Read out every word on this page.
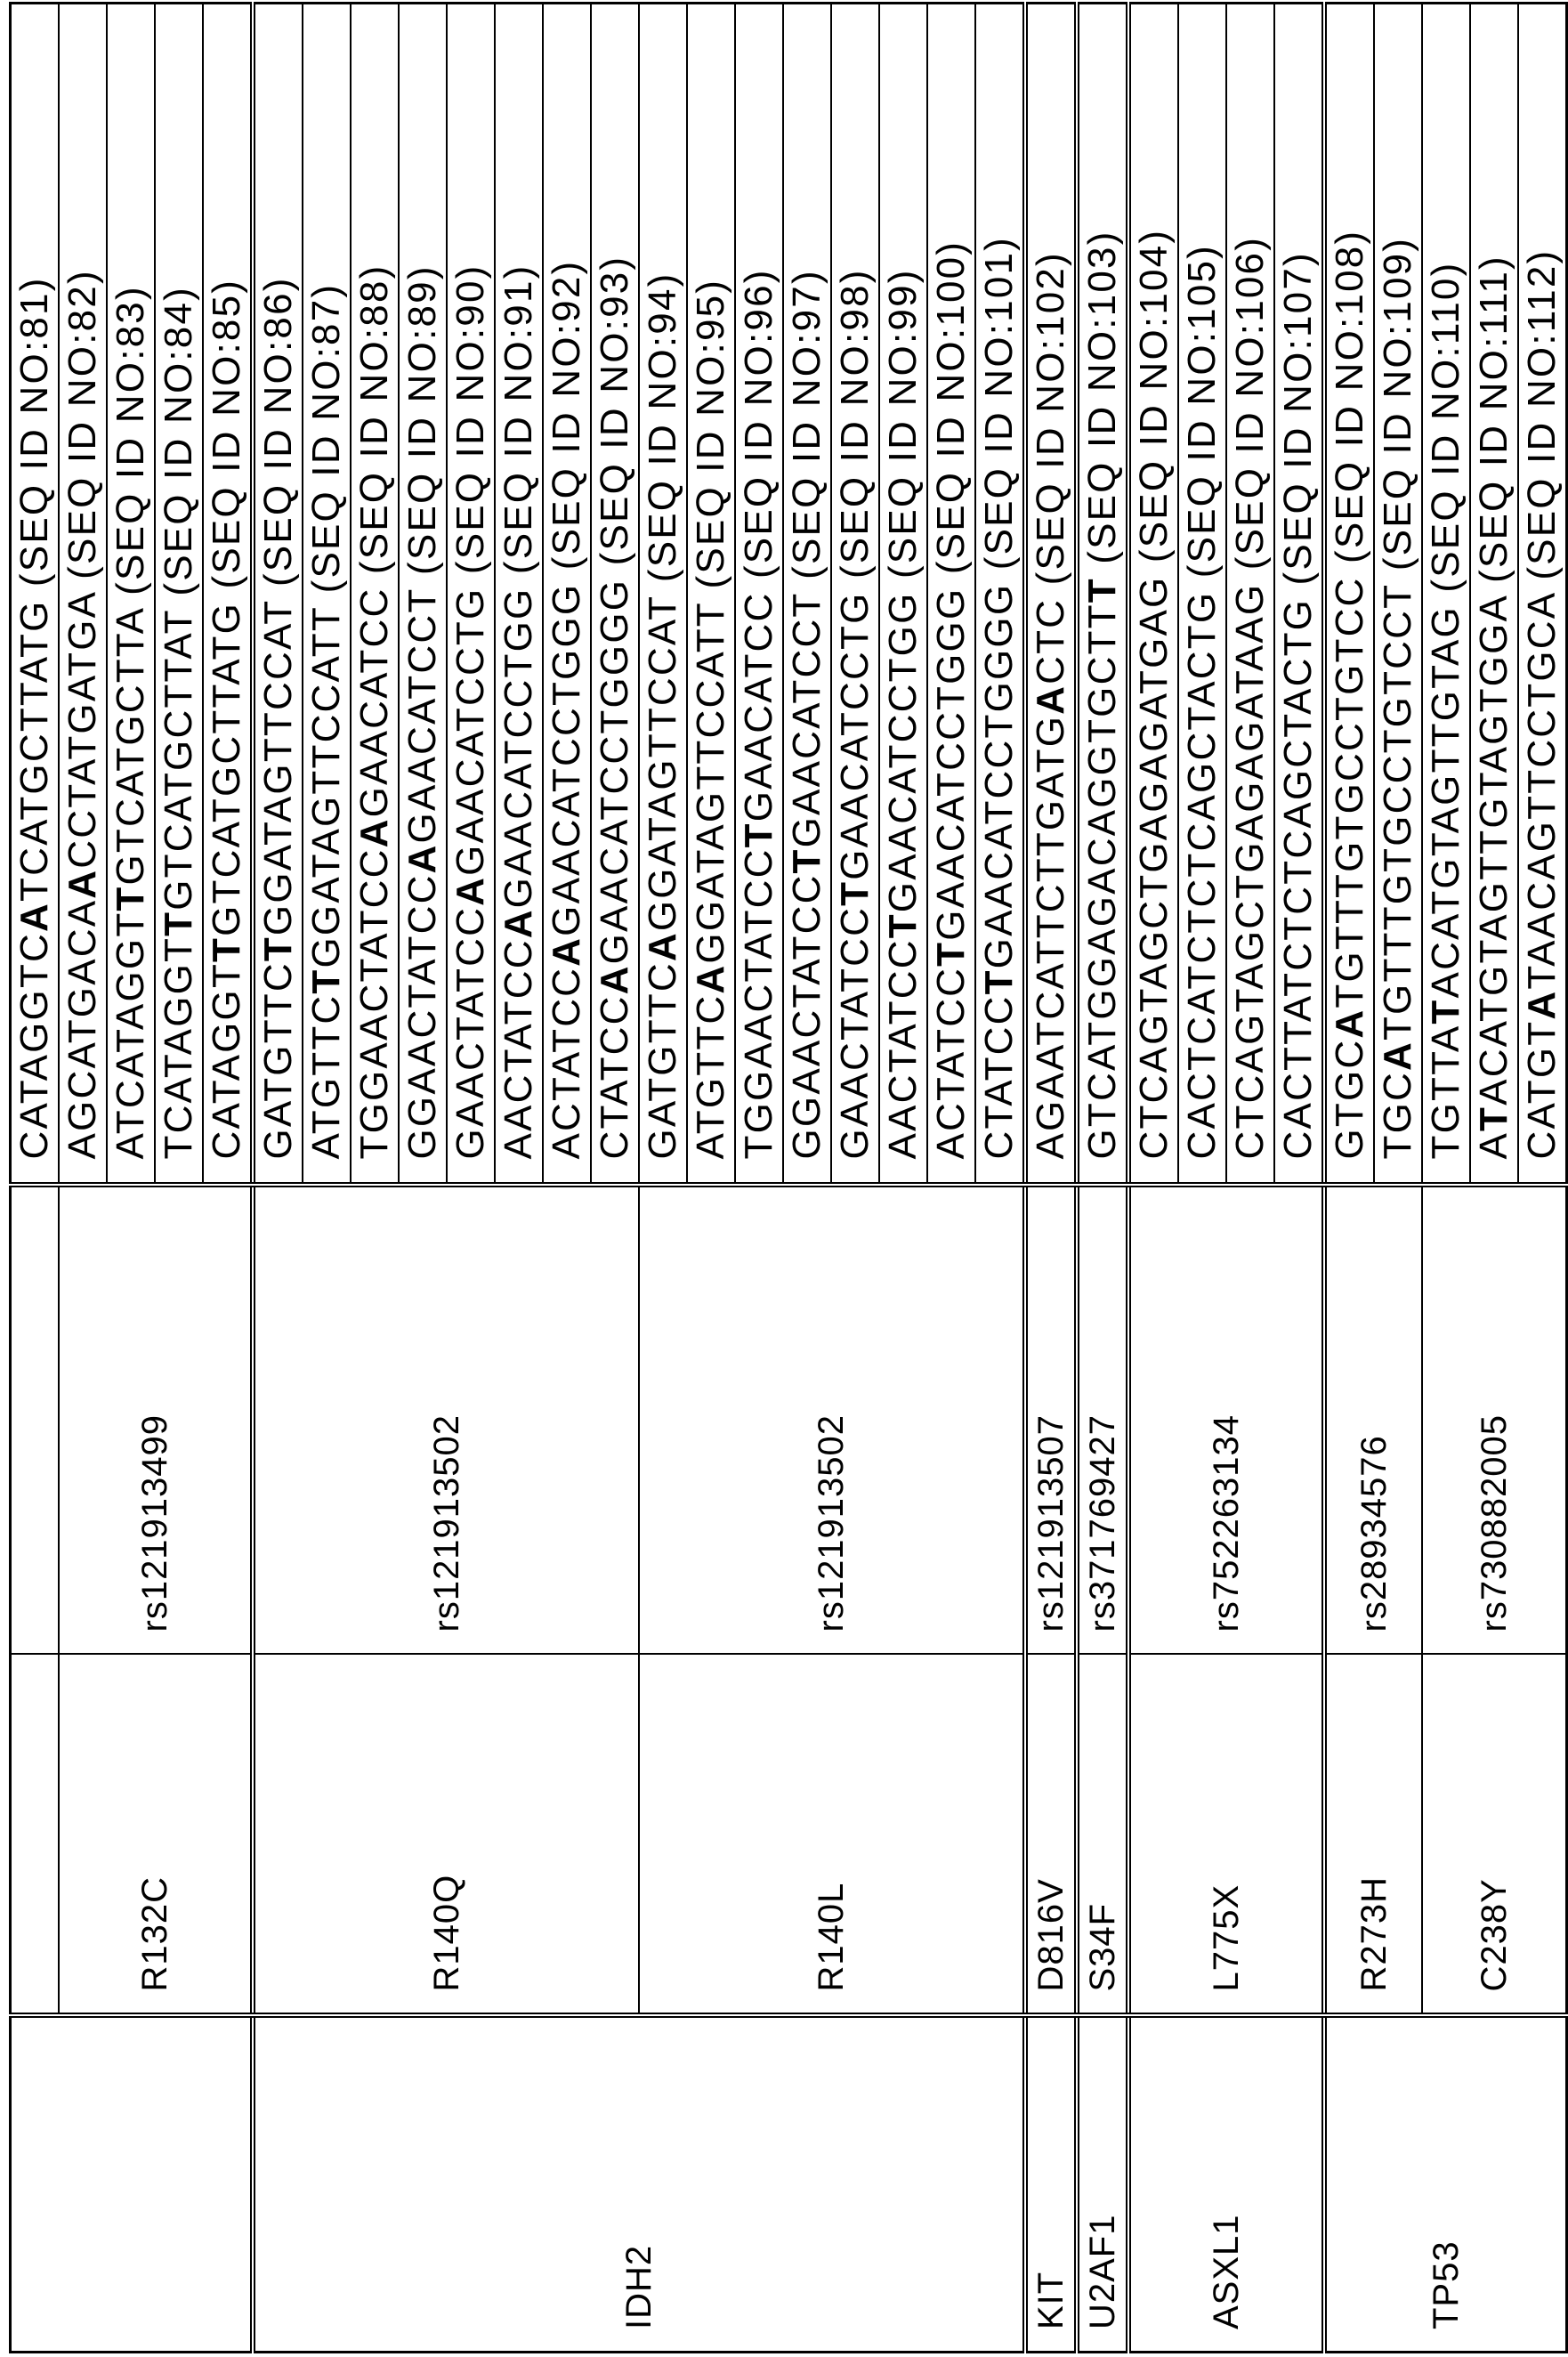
			CATAGGTCATCATGCTTATG (SEQ ID NO:81)
R132C	rs121913499	AGCATGACAACCTATGATGA (SEQ ID NO:82)
ATCATAGGTTGTCATGCTTA (SEQ ID NO:83)
TCATAGGTTGTCATGCTTAT (SEQ ID NO:84)
CATAGGTTGTCATGCTTATG (SEQ ID NO:85)
IDH2	R140Q	rs121913502	GATGTTCTGGATAGTTCCAT (SEQ ID NO:86)
ATGTTCTGGATAGTTCCATT (SEQ ID NO:87)
TGGAACTATCCAGAACATCC (SEQ ID NO:88)
GGAACTATCCAGAACATCCT (SEQ ID NO:89)
GAACTATCCAGAACATCCTG (SEQ ID NO:90)
AACTATCCAGAACATCCTGG (SEQ ID NO:91)
ACTATCCAGAACATCCTGGG (SEQ ID NO:92)
CTATCCAGAACATCCTGGGG (SEQ ID NO:93)
R140L	rs121913502	GATGTTCAGGATAGTTCCAT (SEQ ID NO:94)
ATGTTCAGGATAGTTCCATT (SEQ ID NO:95)
TGGAACTATCCTGAACATCC (SEQ ID NO:96)
GGAACTATCCTGAACATCCT (SEQ ID NO:97)
GAACTATCCTGAACATCCTG (SEQ ID NO:98)
AACTATCCTGAACATCCTGG (SEQ ID NO:99)
ACTATCCTGAACATCCTGGG (SEQ ID NO:100)
CTATCCTGAACATCCTGGGG (SEQ ID NO:101)
KIT	D816V	rs121913507	AGAATCATTCTTGATGACTC (SEQ ID NO:102)
U2AF1	S34F	rs371769427	GTCATGGAGACAGGTGCTTT (SEQ ID NO:103)
ASXL1	L775X	rs752263134	CTCAGTAGCTGAGAGATGAG (SEQ ID NO:104)
CACTCATCTCTCAGCTACTG (SEQ ID NO:105)
CTCAGTAGCTGAGAGATAAG (SEQ ID NO:106)
CACTTATCTCTCAGCTACTG (SEQ ID NO:107)
TP53	R273H	rs28934576	GTGCATGTTTGTGCCTGTCC (SEQ ID NO:108)
TGCATGTTTGTGCCTGTCCT (SEQ ID NO:109)
C238Y	rs730882005	TGTTATACATGTAGTTGTAG (SEQ ID NO:110)
ATACATGTAGTTGTAGTGGA (SEQ ID NO:111)
CATGTATAACAGTTCCTGCA (SEQ ID NO:112)
